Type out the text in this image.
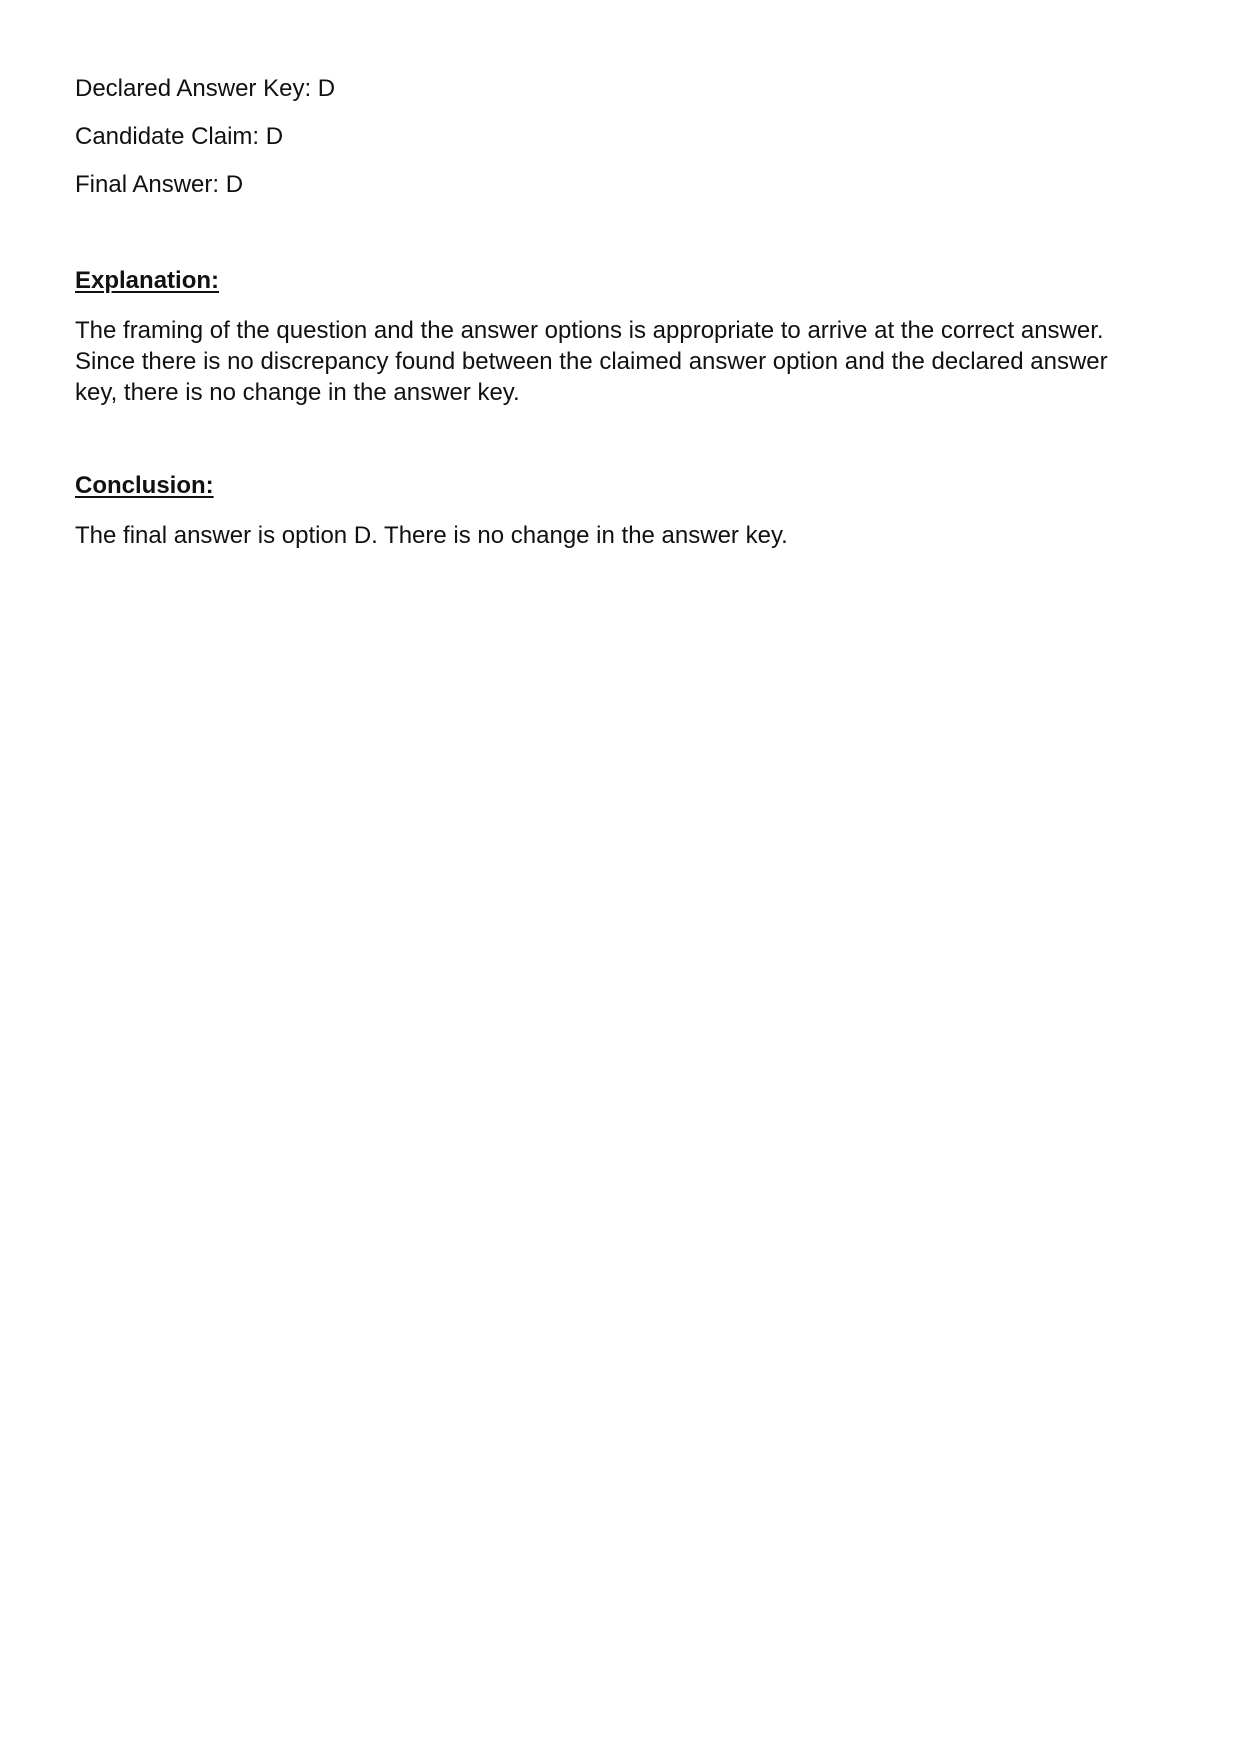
Declared Answer Key: D

Candidate Claim: D

Final Answer: D

Explanation:

The framing of the question and the answer options is appropriate to arrive at the correct answer.
Since there is no discrepancy found between the claimed answer option and the declared answer
key, there is no change in the answer key.

Conclusion:

The final answer is option D. There is no change in the answer key.
